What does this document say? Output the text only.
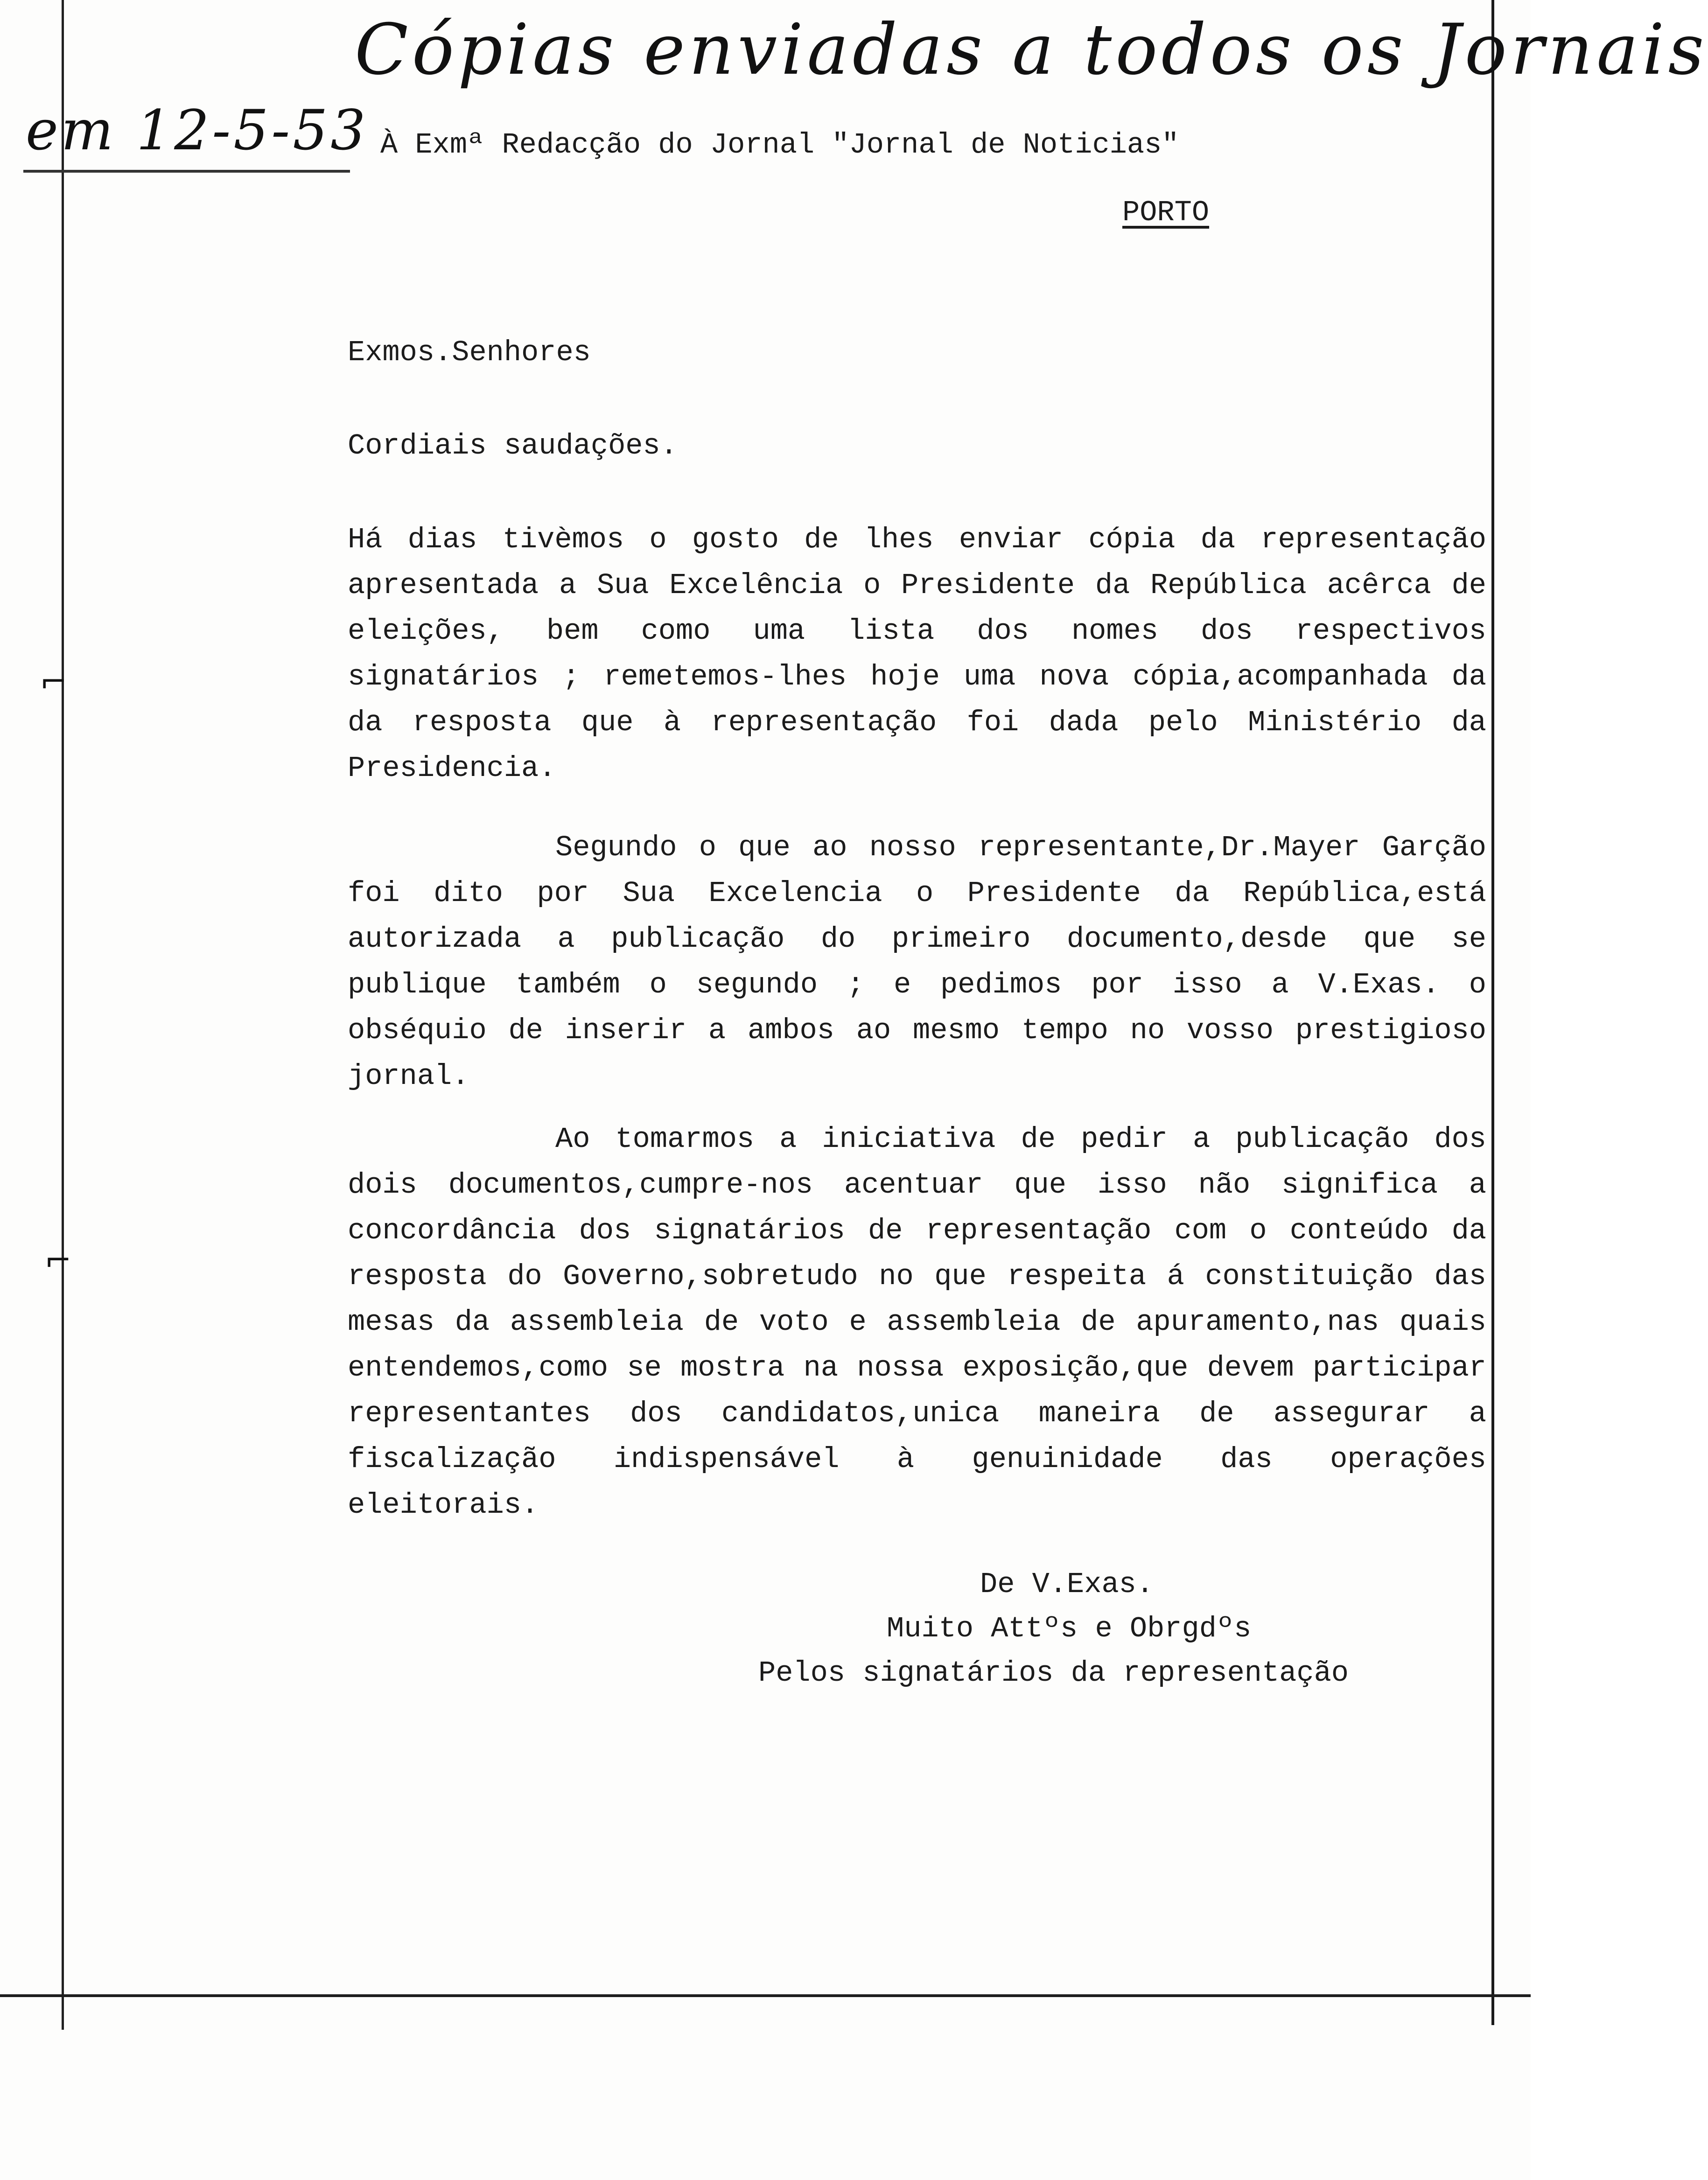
⌐
⌐
Cópias enviadas a todos os Jornais
em 12-5-53 À Exmª Redacção do Jornal "Jornal de Noticias"
PORTO
Exmos.Senhores
Cordiais saudações.
Há dias tivèmos o gosto de lhes enviar cópia da representação apresentada a Sua Excelência o Presidente da República acêrca de eleições, bem como uma lista dos nomes dos respectivos signatários ; remetemos-lhes hoje uma nova cópia,acompanhada da da resposta que à representação foi dada pelo Ministério da Presidencia.
Segundo o que ao nosso representante,Dr.Mayer Garção foi dito por Sua Excelencia o Presidente da República,está autorizada a publicação do primeiro documento,desde que se publique também o segundo ; e pedimos por isso a V.Exas. o obséquio de inserir a ambos ao mesmo tempo no vosso prestigioso jornal.
Ao tomarmos a iniciativa de pedir a publicação dos dois documentos,cumpre-nos acentuar que isso não significa a concordância dos signatários de representação com o conteúdo da resposta do Governo,sobretudo no que respeita á constituição das mesas da assembleia de voto e assembleia de apuramento,nas quais entendemos,como se mostra na nossa exposição,que devem participar representantes dos candidatos,unica maneira de assegurar a fiscalização indispensável à genuinidade das operações eleitorais.
De V.Exas.
Muito Attºs e Obrgdºs
Pelos signatários da representação
